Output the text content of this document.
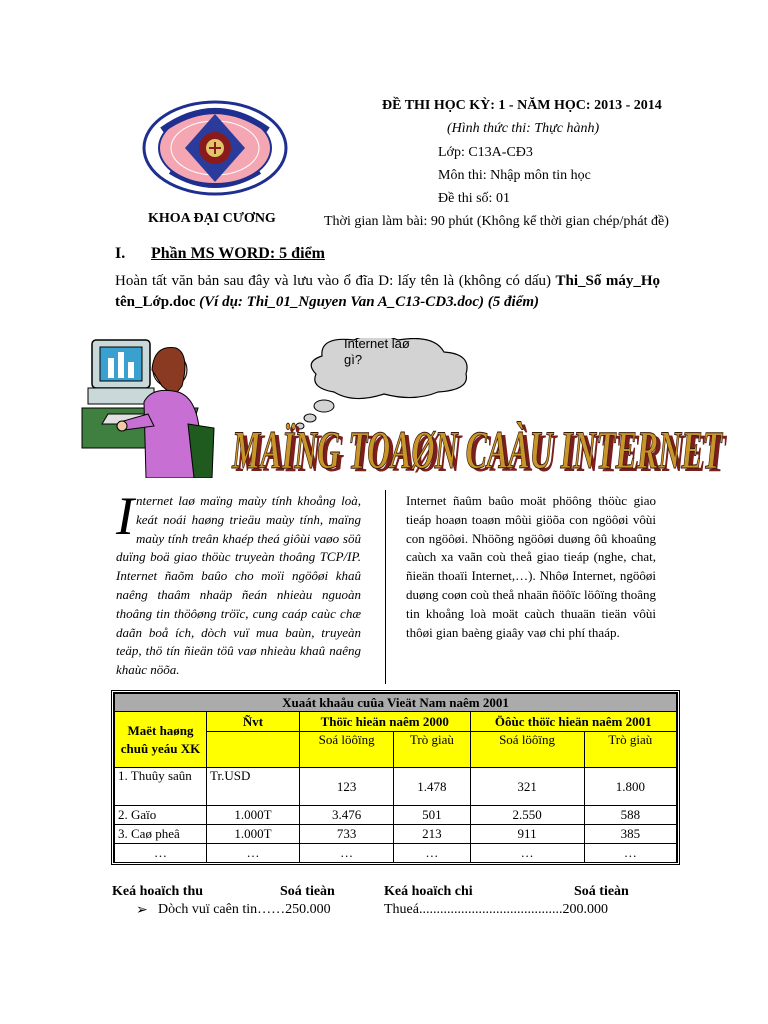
KHOA ĐẠI CƯƠNG
ĐỀ THI HỌC KỲ: 1 - NĂM HỌC: 2013 - 2014
(Hình thức thi: Thực hành)
Lớp: C13A-CĐ3
Môn thi: Nhập môn tin học
Đề thi số: 01
Thời gian làm bài: 90 phút (Không kể thời gian chép/phát đề)
I. Phần MS WORD: 5 điểm
Hoàn tất văn bản sau đây và lưu vào ổ đĩa D: lấy tên là (không có dấu) Thi_Số máy_Họ tên_Lớp.doc (Ví dụ: Thi_01_Nguyen Van A_C13-CD3.doc) (5 điểm)
MAÏNG TOAØN CAÀU INTERNET
MAÏNG TOAØN CAÀU INTERNET
Internet laø gì?
Internet laø maïng maùy tính khoång loà, keát noái haøng trieäu maùy tính, maïng maùy tính treân khaép theá giôùi vaøo söû duïng boä giao thöùc truyeàn thoâng TCP/IP. Internet ñaõm baûo cho moïi ngöôøi khaû naêng thaâm nhaäp ñeán nhieàu nguoàn thoâng tin thöôøng tröïc, cung caáp caùc chæ daãn boå ích, dòch vuï mua baùn, truyeàn teäp, thö tín ñieän töû vaø nhieàu khaû naêng khaùc nöõa.
Internet ñaûm baûo moät phöông thöùc giao tieáp hoaøn toaøn môùi giöõa con ngöôøi vôùi con ngöôøi. Nhöõng ngöôøi duøng ôû khoaûng caùch xa vaãn coù theå giao tieáp (nghe, chat, ñieän thoaïi Internet,…). Nhôø Internet, ngöôøi duøng coøn coù theå nhaän ñöôïc löôïng thoâng tin khoång loà moät caùch thuaän tieän vôùi thôøi gian baèng giaây vaø chi phí thaáp.
Xuaát khaåu cuûa Vieät Nam naêm 2001					
Maët haøng chuû yeáu XK	Ñvt	Thöïc hieän naêm 2000		Öôùc thöïc hieän naêm 2001	
		Soá löôïng	Trò giaù	Soá löôïng	Trò giaù
1. Thuûy saûn	Tr.USD	123	1.478	321	1.800
2. Gaïo	1.000T	3.476	501	2.550	588
3. Caø pheâ	1.000T	733	213	911	385
…	…	…	…	…	…
Keá hoaïch thu	Soá tieàn	Keá hoaïch chi	Soá tieàn
➢ Dòch vuï caên tin……250.000	Thueá.........................................200.000
